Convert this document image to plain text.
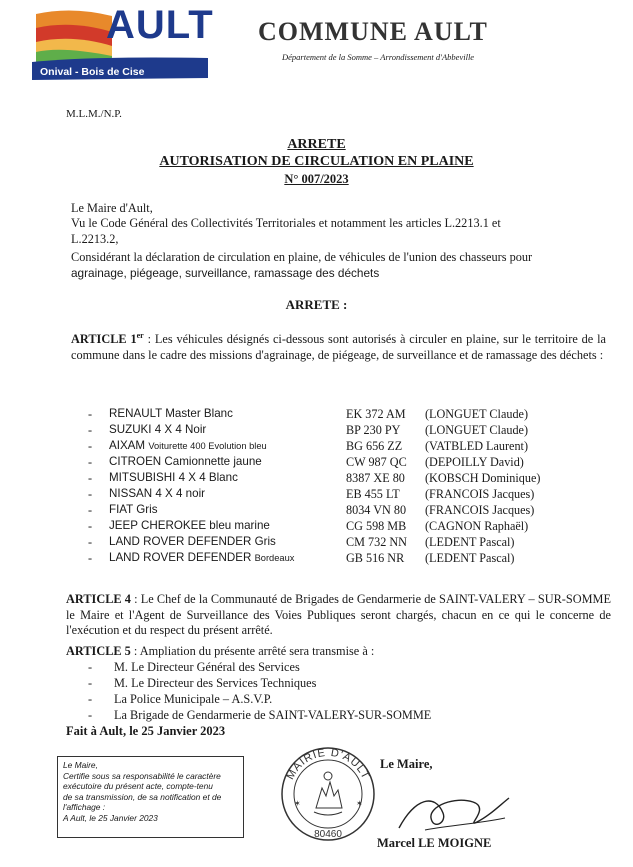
AULT
Onival - Bois de Cise
COMMUNE AULT
Département de la Somme – Arrondissement d'Abbeville
M.L.M./N.P.
ARRETE
AUTORISATION DE CIRCULATION EN PLAINE
N° 007/2023
Le Maire d'Ault,
Vu le Code Général des Collectivités Territoriales et notamment les articles L.2213.1 et
L.2213.2,
Considérant la déclaration de circulation en plaine, de véhicules de l'union des chasseurs pour
agrainage, piégeage, surveillance, ramassage des déchets
ARRETE :
ARTICLE 1er : Les véhicules désignés ci-dessous sont autorisés à circuler en plaine, sur le territoire de la commune dans le cadre des missions d'agrainage, de piégeage, de surveillance et de ramassage des déchets :
- RENAULT Master Blanc	EK 372 AM (LONGUET Claude)
- SUZUKI 4 X 4 Noir	BP 230 PY (LONGUET Claude)
- AIXAM Voiturette 400 Evolution bleu	BG 656 ZZ (VATBLED Laurent)
- CITROEN Camionnette jaune	CW 987 QC (DEPOILLY David)
- MITSUBISHI 4 X 4 Blanc	8387 XE 80 (KOBSCH Dominique)
- NISSAN 4 X 4 noir	EB 455 LT (FRANCOIS Jacques)
- FIAT Gris	8034 VN 80 (FRANCOIS Jacques)
- JEEP CHEROKEE bleu marine	CG 598 MB (CAGNON Raphaël)
- LAND ROVER DEFENDER Gris	CM 732 NN (LEDENT Pascal)
- LAND ROVER DEFENDER Bordeaux	GB 516 NR (LEDENT Pascal)
ARTICLE 4 : Le Chef de la Communauté de Brigades de Gendarmerie de SAINT-VALERY – SUR-SOMME le Maire et l'Agent de Surveillance des Voies Publiques seront chargés, chacun en ce qui le concerne de l'exécution et du respect du présent arrêté.
ARTICLE 5 : Ampliation du présente arrêté sera transmise à :
- M. Le Directeur Général des Services
- M. Le Directeur des Services Techniques
- La Police Municipale – A.S.V.P.
- La Brigade de Gendarmerie de SAINT-VALERY-SUR-SOMME
Fait à Ault, le 25 Janvier 2023
Le Maire,
Certifie sous sa responsabilité le caractère
exécutoire du présent acte, compte-tenu
de sa transmission, de sa notification et de
l'affichage :
A Ault, le 25 Janvier 2023
MAIRIE D'AULT
80460
✶	✶
Le Maire,
Marcel LE MOIGNE
